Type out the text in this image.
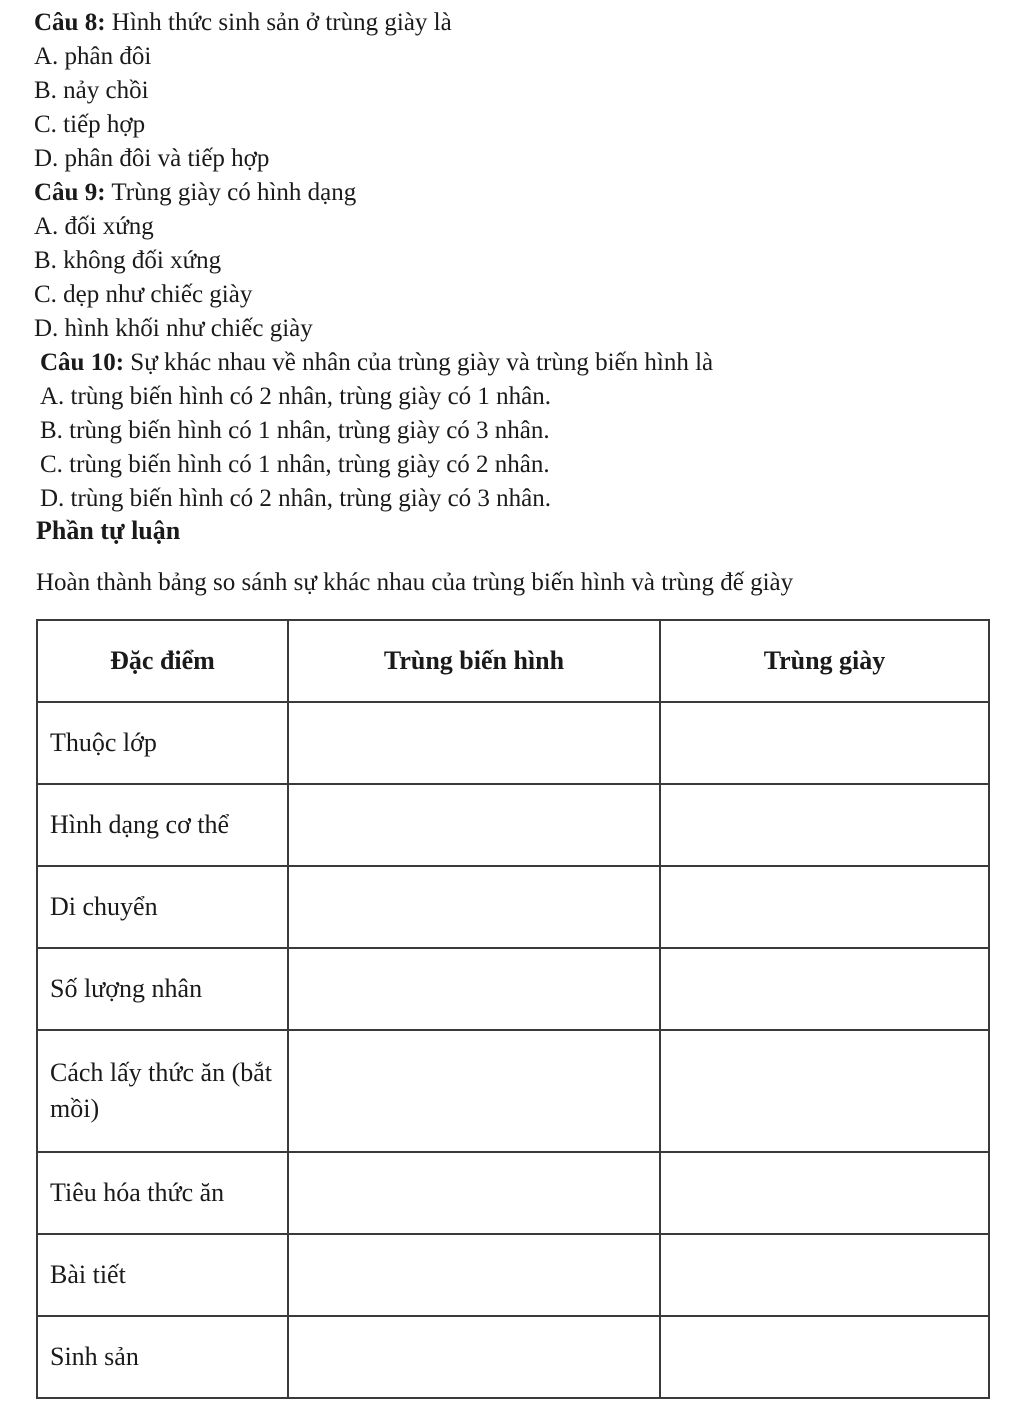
Câu 8: Hình thức sinh sản ở trùng giày là
A. phân đôi
B. nảy chồi
C. tiếp hợp
D. phân đôi và tiếp hợp
Câu 9: Trùng giày có hình dạng
A. đối xứng
B. không đối xứng
C. dẹp như chiếc giày
D. hình khối như chiếc giày
Câu 10: Sự khác nhau về nhân của trùng giày và trùng biến hình là
A. trùng biến hình có 2 nhân, trùng giày có 1 nhân.
B. trùng biến hình có 1 nhân, trùng giày có 3 nhân.
C. trùng biến hình có 1 nhân, trùng giày có 2 nhân.
D. trùng biến hình có 2 nhân, trùng giày có 3 nhân.
Phần tự luận
Hoàn thành bảng so sánh sự khác nhau của trùng biến hình và trùng đế giày
Đặc điểm	Trùng biến hình	Trùng giày
Thuộc lớp		
Hình dạng cơ thể		
Di chuyển		
Số lượng nhân		
Cách lấy thức ăn (bắt mồi)		
Tiêu hóa thức ăn		
Bài tiết		
Sinh sản		
